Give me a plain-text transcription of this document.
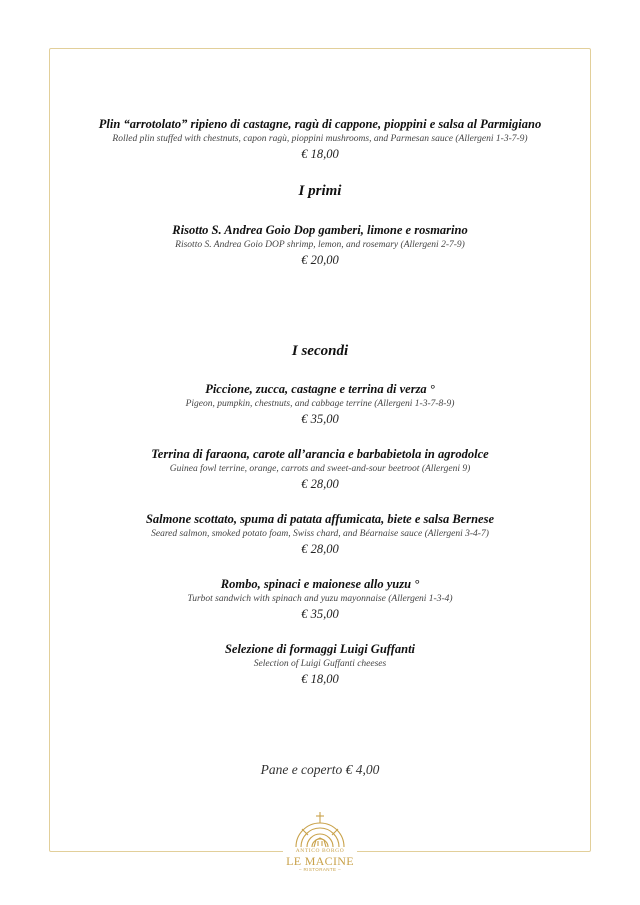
Plin “arrotolato” ripieno di castagne, ragù di cappone, pioppini e salsa al Parmigiano
Rolled plin stuffed with chestnuts, capon ragù, pioppini mushrooms, and Parmesan sauce (Allergeni 1-3-7-9)
€ 18,00
I primi
Risotto S. Andrea Goio Dop gamberi, limone e rosmarino
Risotto S. Andrea Goio DOP shrimp, lemon, and rosemary (Allergeni 2-7-9)
€ 20,00
I secondi
Piccione, zucca, castagne e terrina di verza °
Pigeon, pumpkin, chestnuts, and cabbage terrine (Allergeni 1-3-7-8-9)
€ 35,00
Terrina di faraona, carote all’arancia e barbabietola in agrodolce
Guinea fowl terrine, orange, carrots and sweet-and-sour beetroot (Allergeni 9)
€ 28,00
Salmone scottato, spuma di patata affumicata, biete e salsa Bernese
Seared salmon, smoked potato foam, Swiss chard, and Béarnaise sauce (Allergeni 3-4-7)
€ 28,00
Rombo, spinaci e maionese allo yuzu °
Turbot sandwich with spinach and yuzu mayonnaise (Allergeni 1-3-4)
€ 35,00
Selezione di formaggi Luigi Guffanti
Selection of Luigi Guffanti cheeses
€ 18,00
Pane e coperto € 4,00
ANTICO BORGO
LE MACINE
– RISTORANTE –
